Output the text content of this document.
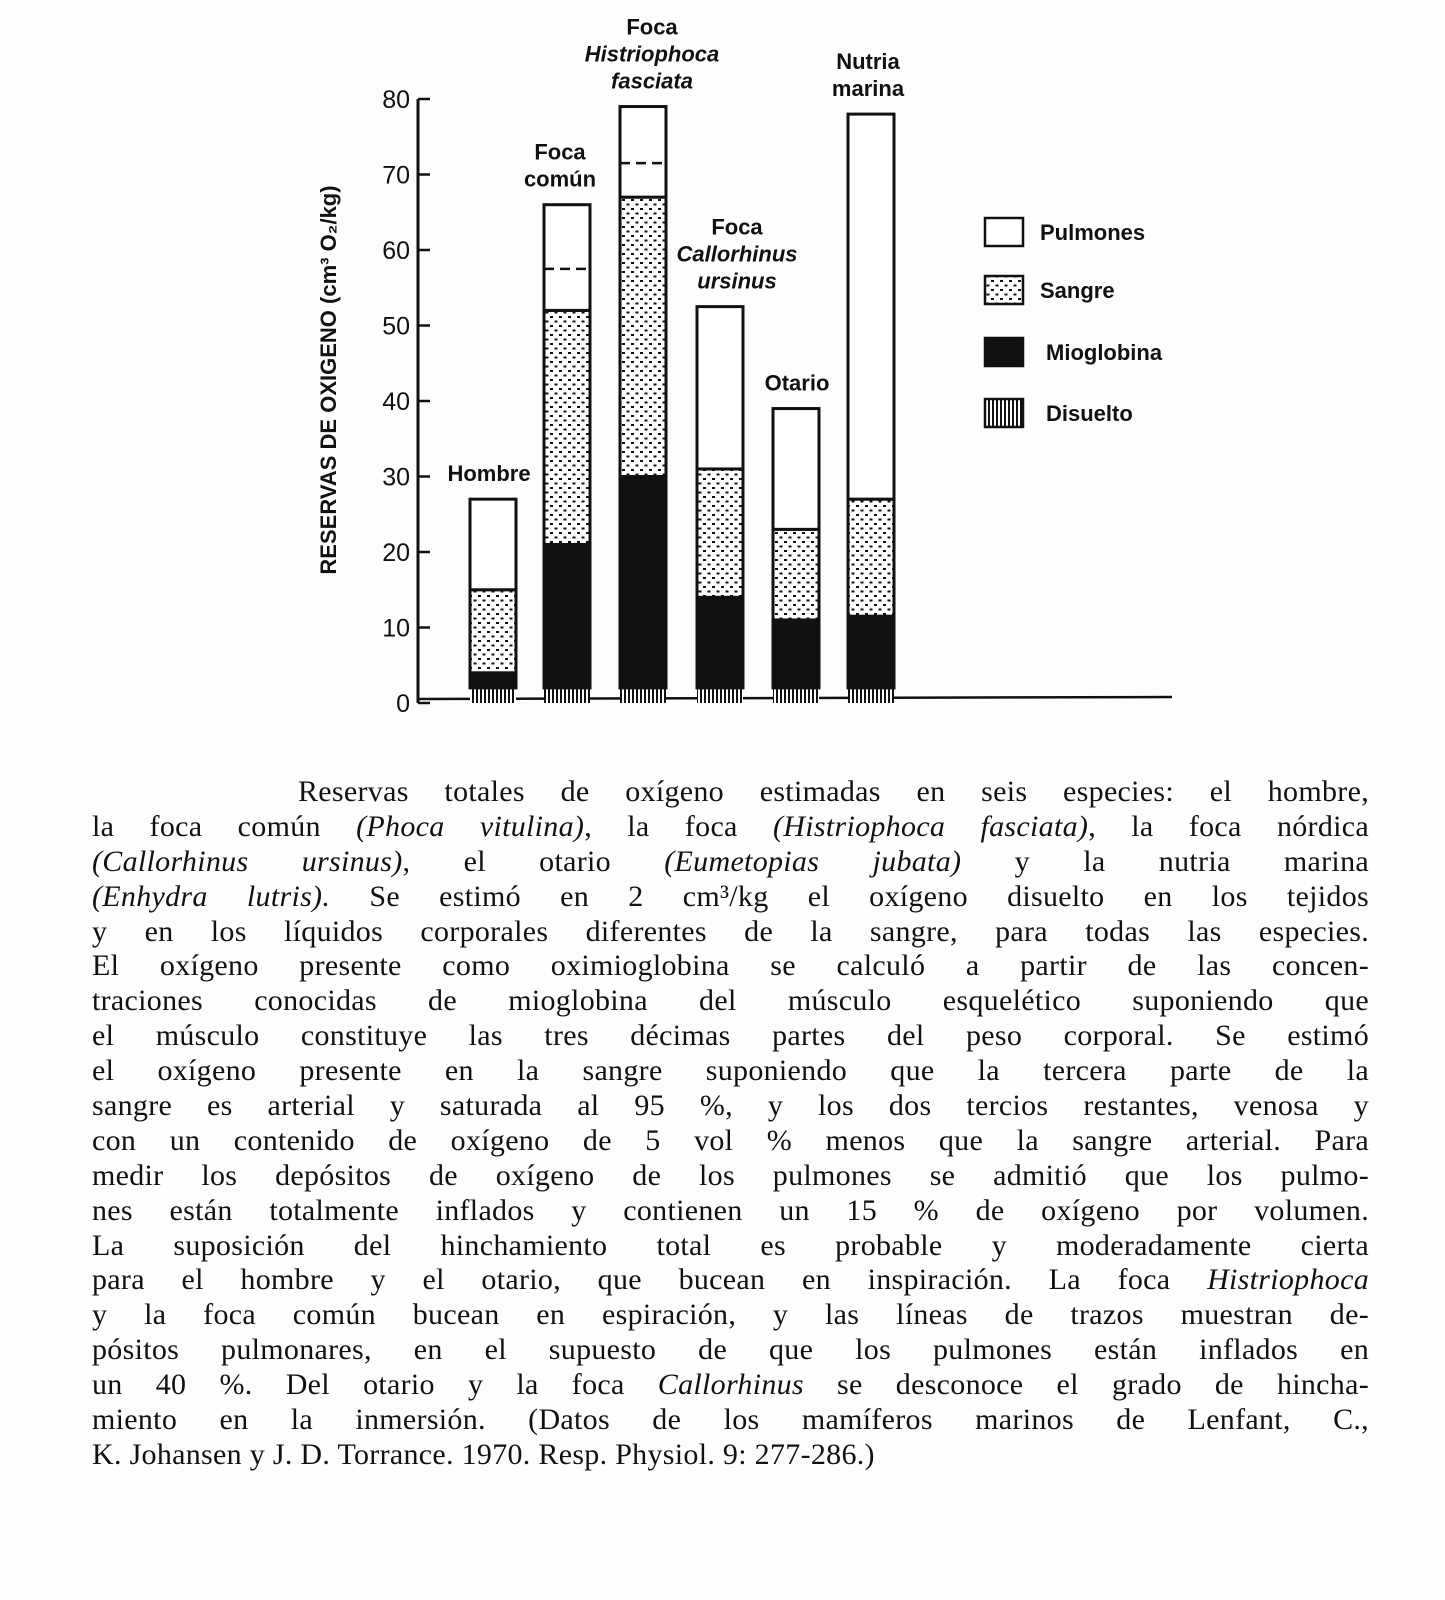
0
10
20
30
40
50
60
70
80
RESERVAS DE OXIGENO (cm³ O₂/kg)	Hombre
Foca
común
Foca
Histriophoca
fasciata
Foca
Callorhinus
ursinus
Otario
Nutria
marina
Pulmones
Sangre
Mioglobina
Disuelto
Reservas totales de oxígeno estimadas en seis especies: el hombre,
la foca común (Phoca vitulina), la foca (Histriophoca fasciata), la foca nórdica
(Callorhinus ursinus), el otario (Eumetopias jubata) y la nutria marina
(Enhydra lutris). Se estimó en 2 cm³/kg el oxígeno disuelto en los tejidos
y en los líquidos corporales diferentes de la sangre, para todas las especies.
El oxígeno presente como oximioglobina se calculó a partir de las concen-
traciones conocidas de mioglobina del músculo esquelético suponiendo que
el músculo constituye las tres décimas partes del peso corporal. Se estimó
el oxígeno presente en la sangre suponiendo que la tercera parte de la
sangre es arterial y saturada al 95 %, y los dos tercios restantes, venosa y
con un contenido de oxígeno de 5 vol % menos que la sangre arterial. Para
medir los depósitos de oxígeno de los pulmones se admitió que los pulmo-
nes están totalmente inflados y contienen un 15 % de oxígeno por volumen.
La suposición del hinchamiento total es probable y moderadamente cierta
para el hombre y el otario, que bucean en inspiración. La foca Histriophoca
y la foca común bucean en espiración, y las líneas de trazos muestran de-
pósitos pulmonares, en el supuesto de que los pulmones están inflados en
un 40 %. Del otario y la foca Callorhinus se desconoce el grado de hincha-
miento en la inmersión. (Datos de los mamíferos marinos de Lenfant, C.,
K. Johansen y J. D. Torrance. 1970. Resp. Physiol. 9: 277-286.)
